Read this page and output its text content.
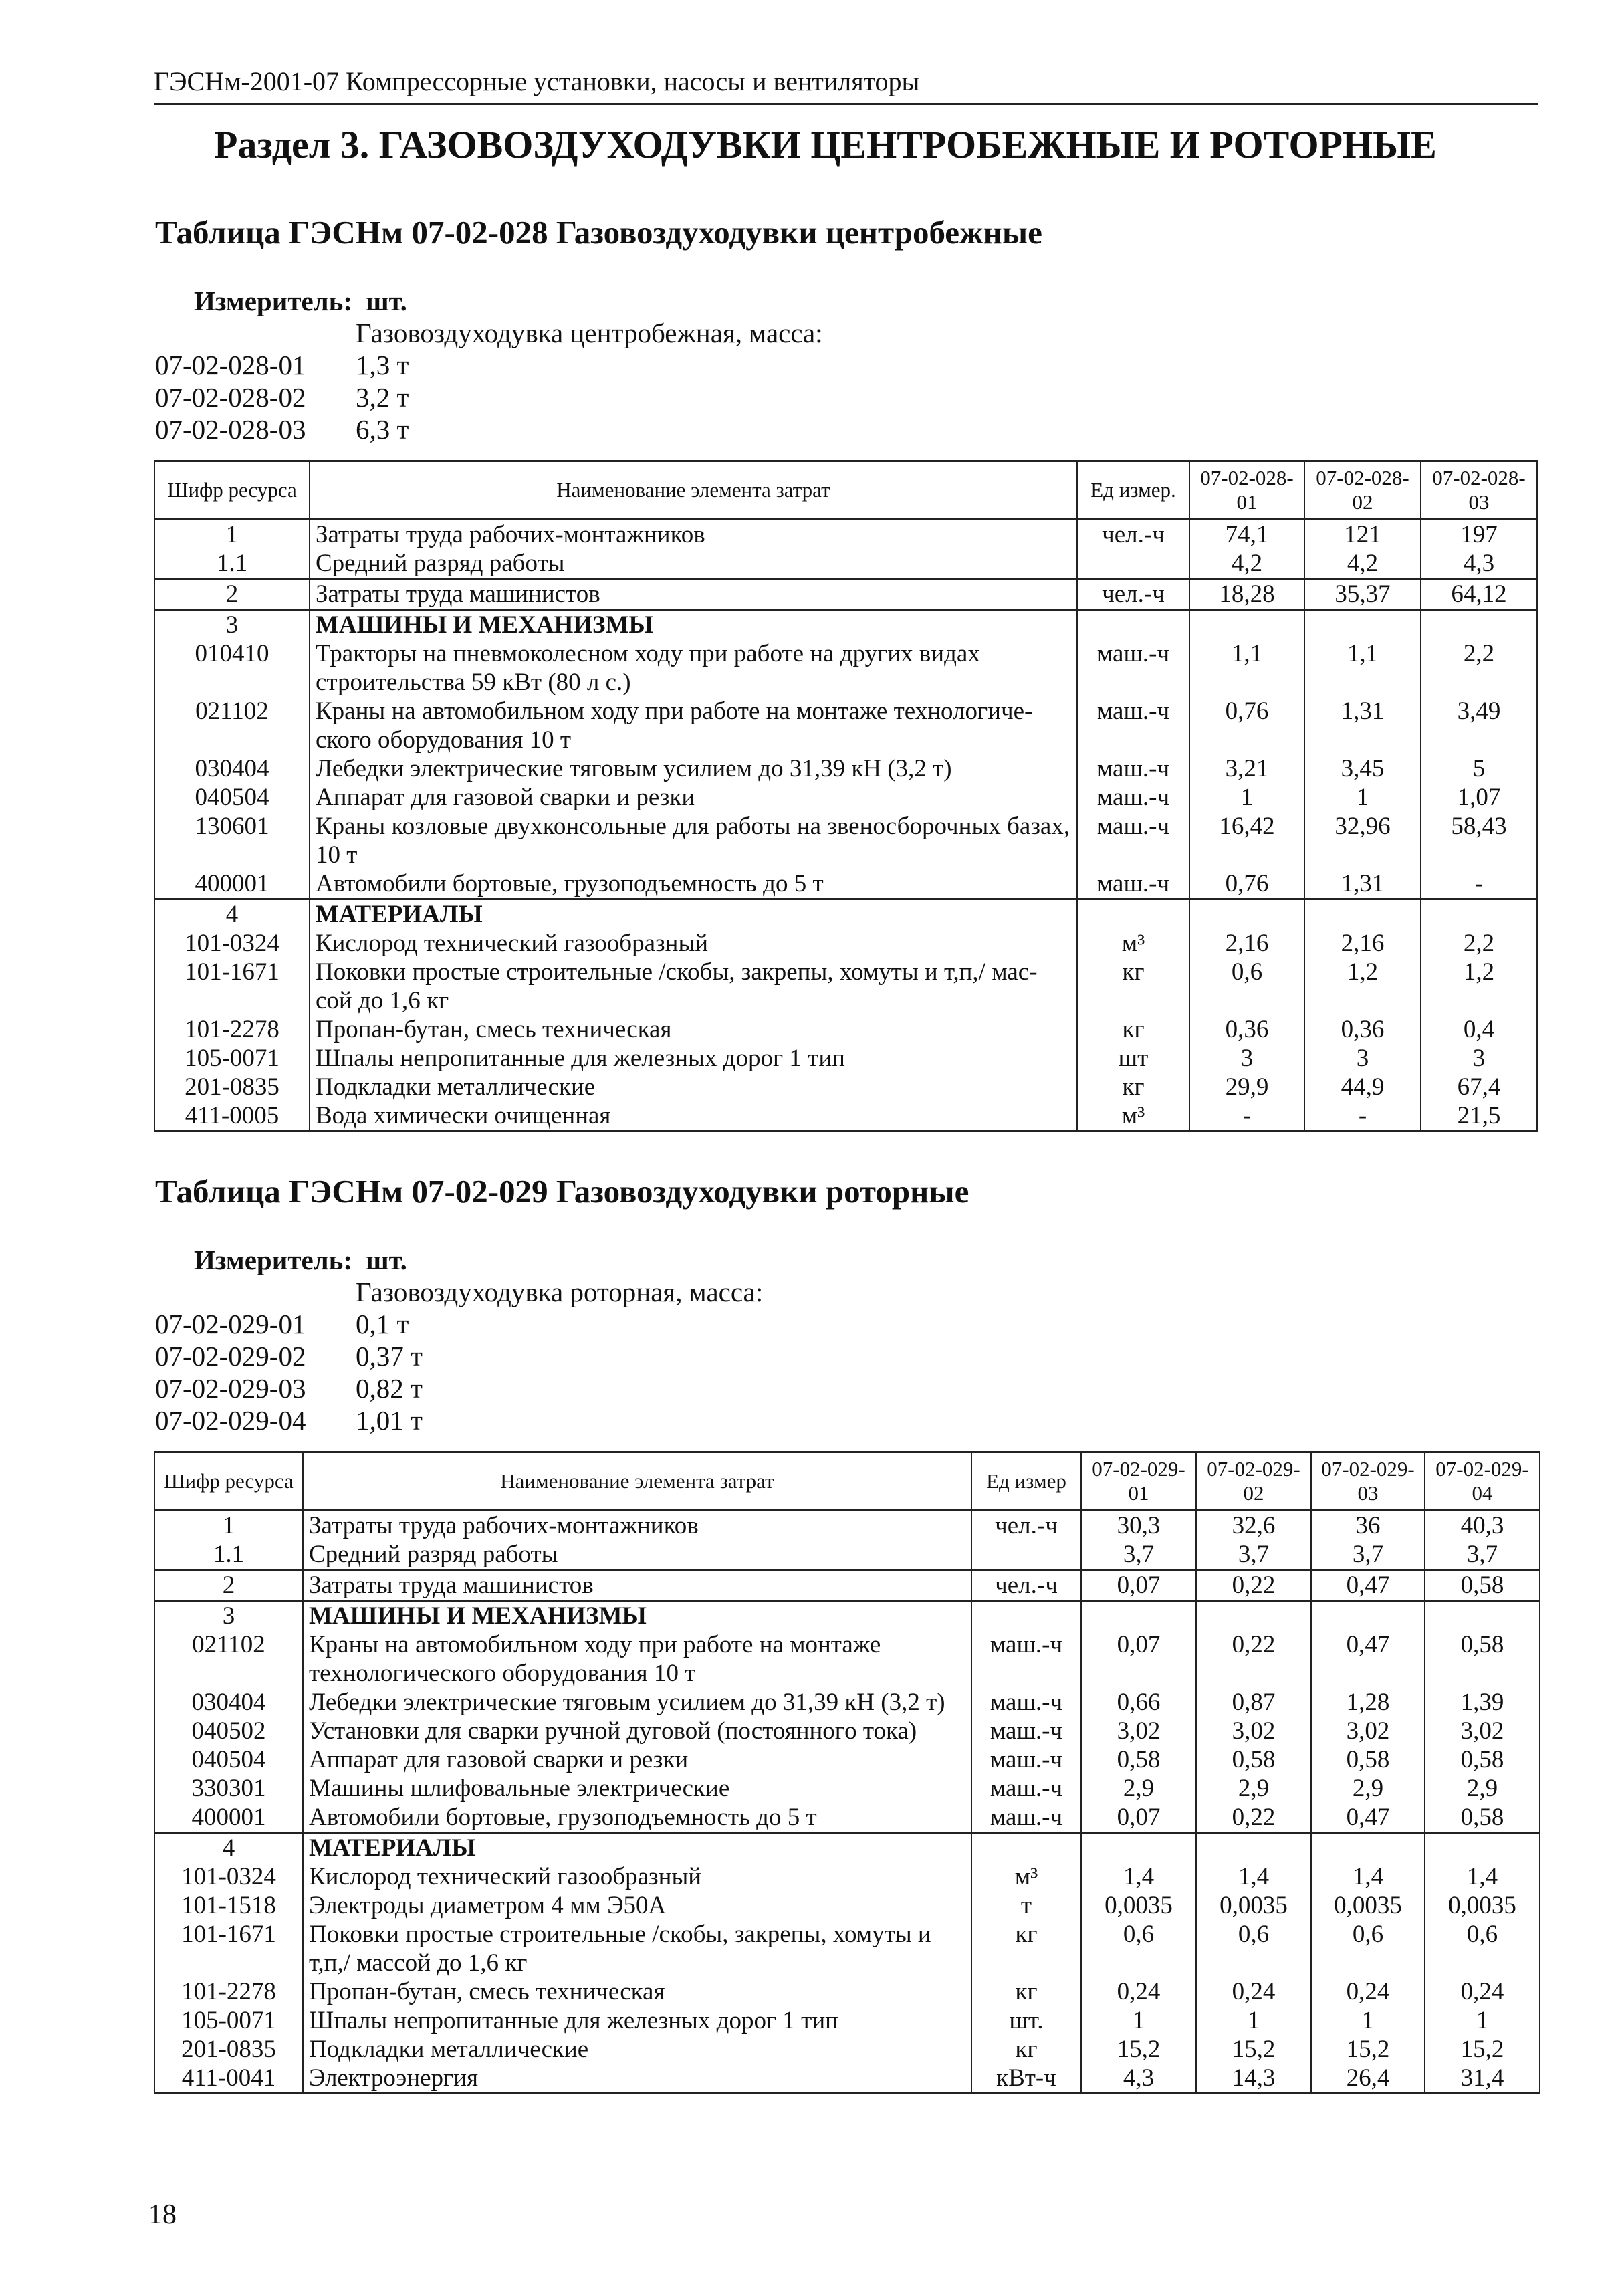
ГЭСНм-2001-07 Компрессорные установки, насосы и вентиляторы
Раздел 3. ГАЗОВОЗДУХОДУВКИ ЦЕНТРОБЕЖНЫЕ И РОТОРНЫЕ
Таблица ГЭСНм 07-02-028 Газовоздуходувки центробежные
Измеритель: шт.
Газовоздуходувка центробежная, масса:
07-02-028-01	1,3 т
07-02-028-02	3,2 т
07-02-028-03	6,3 т
Шифр ресурса	Наименование элемента затрат	Ед измер.	07-02-028-01	07-02-028-02	07-02-028-03
1	Затраты труда рабочих-монтажников	чел.-ч	74,1	121	197
1.1	Средний разряд работы		4,2	4,2	4,3
2	Затраты труда машинистов	чел.-ч	18,28	35,37	64,12
3	МАШИНЫ И МЕХАНИЗМЫ				
010410	Тракторы на пневмоколесном ходу при работе на других видах строительства 59 кВт (80 л с.)	маш.-ч	1,1	1,1	2,2
021102	Краны на автомобильном ходу при работе на монтаже технологиче-ского оборудования 10 т	маш.-ч	0,76	1,31	3,49
030404	Лебедки электрические тяговым усилием до 31,39 кН (3,2 т)	маш.-ч	3,21	3,45	5
040504	Аппарат для газовой сварки и резки	маш.-ч	1	1	1,07
130601	Краны козловые двухконсольные для работы на звеносборочных базах, 10 т	маш.-ч	16,42	32,96	58,43
400001	Автомобили бортовые, грузоподъемность до 5 т	маш.-ч	0,76	1,31	-
4	МАТЕРИАЛЫ				
101-0324	Кислород технический газообразный	м³	2,16	2,16	2,2
101-1671	Поковки простые строительные /скобы, закрепы, хомуты и т,п,/ мас-сой до 1,6 кг	кг	0,6	1,2	1,2
101-2278	Пропан-бутан, смесь техническая	кг	0,36	0,36	0,4
105-0071	Шпалы непропитанные для железных дорог 1 тип	шт	3	3	3
201-0835	Подкладки металлические	кг	29,9	44,9	67,4
411-0005	Вода химически очищенная	м³	-	-	21,5
Таблица ГЭСНм 07-02-029 Газовоздуходувки роторные
Измеритель: шт.
Газовоздуходувка роторная, масса:
07-02-029-01	0,1 т
07-02-029-02	0,37 т
07-02-029-03	0,82 т
07-02-029-04	1,01 т
Шифр ресурса	Наименование элемента затрат	Ед измер	07-02-029-01	07-02-029-02	07-02-029-03	07-02-029-04
1	Затраты труда рабочих-монтажников	чел.-ч	30,3	32,6	36	40,3
1.1	Средний разряд работы		3,7	3,7	3,7	3,7
2	Затраты труда машинистов	чел.-ч	0,07	0,22	0,47	0,58
3	МАШИНЫ И МЕХАНИЗМЫ					
021102	Краны на автомобильном ходу при работе на монтаже технологического оборудования 10 т	маш.-ч	0,07	0,22	0,47	0,58
030404	Лебедки электрические тяговым усилием до 31,39 кН (3,2 т)	маш.-ч	0,66	0,87	1,28	1,39
040502	Установки для сварки ручной дуговой (постоянного тока)	маш.-ч	3,02	3,02	3,02	3,02
040504	Аппарат для газовой сварки и резки	маш.-ч	0,58	0,58	0,58	0,58
330301	Машины шлифовальные электрические	маш.-ч	2,9	2,9	2,9	2,9
400001	Автомобили бортовые, грузоподъемность до 5 т	маш.-ч	0,07	0,22	0,47	0,58
4	МАТЕРИАЛЫ					
101-0324	Кислород технический газообразный	м³	1,4	1,4	1,4	1,4
101-1518	Электроды диаметром 4 мм Э50А	т	0,0035	0,0035	0,0035	0,0035
101-1671	Поковки простые строительные /скобы, закрепы, хомуты и т,п,/ массой до 1,6 кг	кг	0,6	0,6	0,6	0,6
101-2278	Пропан-бутан, смесь техническая	кг	0,24	0,24	0,24	0,24
105-0071	Шпалы непропитанные для железных дорог 1 тип	шт.	1	1	1	1
201-0835	Подкладки металлические	кг	15,2	15,2	15,2	15,2
411-0041	Электроэнергия	кВт-ч	4,3	14,3	26,4	31,4
18
